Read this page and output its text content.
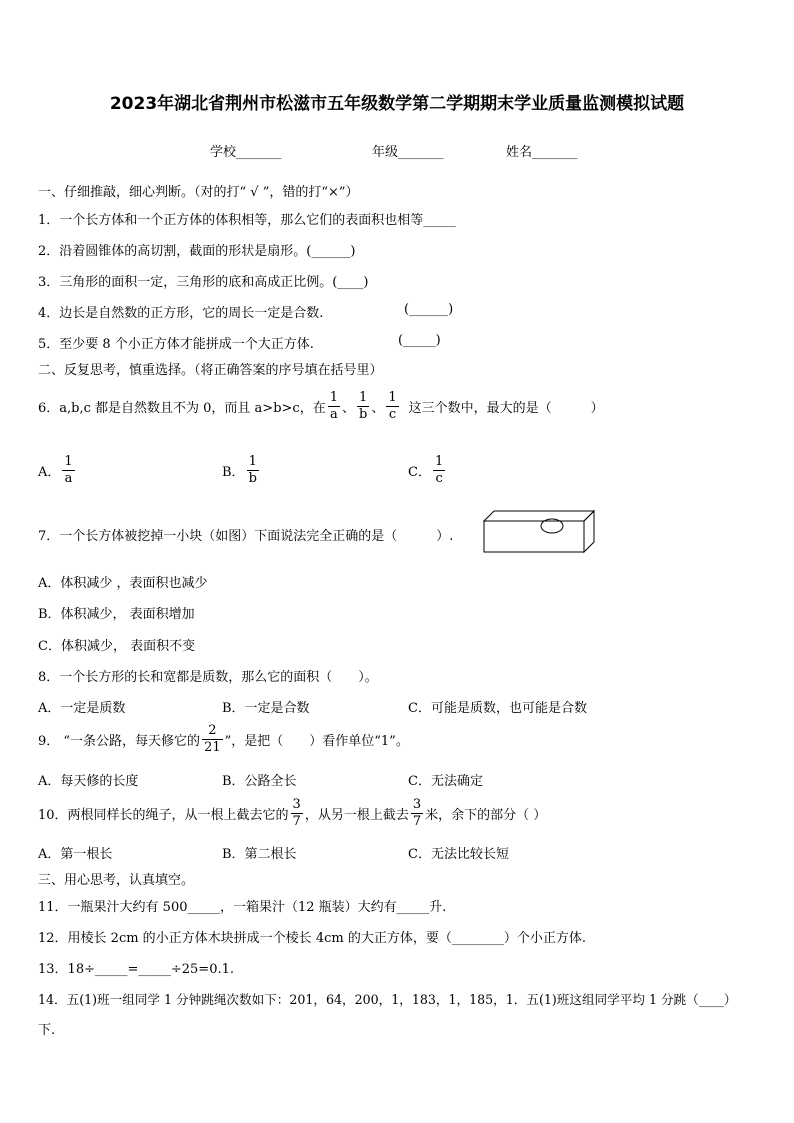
2023年湖北省荆州市松滋市五年级数学第二学期期末学业质量监测模拟试题
学校_______	年级_______	姓名_______
一、仔细推敲，细心判断。（对的打“ √ ”，错的打“×”）
1．一个长方体和一个正方体的体积相等，那么它们的表面积也相等_____
2．沿着圆锥体的高切割，截面的形状是扇形。(______)
3．三角形的面积一定，三角形的底和高成正比例。(____)
4．边长是自然数的正方形，它的周长一定是合数.	(______)
5．至少要 8 个小正方体才能拼成一个大正方体.	(_____)
二、反复思考，慎重选择。（将正确答案的序号填在括号里）
6．a,b,c 都是自然数且不为 0，而且 a>b>c，在 $\frac{1}{a}$ 、 $\frac{1}{b}$ 、 $\frac{1}{c}$ 这三个数中，最大的是（　　　）
A． $\frac{1}{a}$	B． $\frac{1}{b}$	C． $\frac{1}{c}$
7．一个长方体被挖掉一小块（如图）下面说法完全正确的是（　　　）.
A．体积减少 ，表面积也减少
B．体积减少， 表面积增加
C．体积减少， 表面积不变
8．一个长方形的长和宽都是质数，那么它的面积（　　）。
A．一定是质数	B．一定是合数	C．可能是质数，也可能是合数
9． “一条公路，每天修它的 $\frac{2}{21}$ ”，是把（　　）看作单位“1”。
A．每天修的长度	B．公路全长	C．无法确定
10．两根同样长的绳子，从一根上截去它的 $\frac{3}{7}$ ，从另一根上截去 $\frac{3}{7}$ 米，余下的部分（ ）
A．第一根长	B．第二根长	C．无法比较长短
三、用心思考，认真填空。
11．一瓶果汁大约有 500_____，一箱果汁（12 瓶装）大约有_____升.
12．用棱长 2cm 的小正方体木块拼成一个棱长 4cm 的大正方体，要（________）个小正方体.
13．18÷_____=_____÷25=0.1.
14．五(1)班一组同学 1 分钟跳绳次数如下：201，64，200，1，183，1，185，1．五(1)班这组同学平均 1 分跳（____）
下.
